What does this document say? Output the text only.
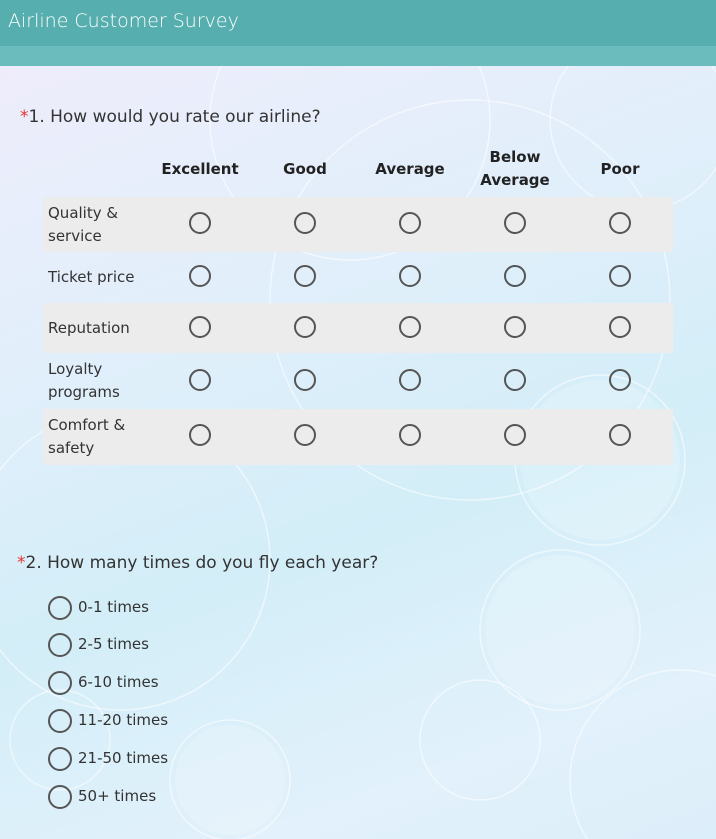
Airline Customer Survey
*1. How would you rate our airline?
Excellent	Good	Average
Below Average
Poor
Quality & service
Ticket price
Reputation
Loyalty programs
Comfort & safety
*2. How many times do you fly each year?
0-1 times
2-5 times
6-10 times
11-20 times
21-50 times
50+ times
